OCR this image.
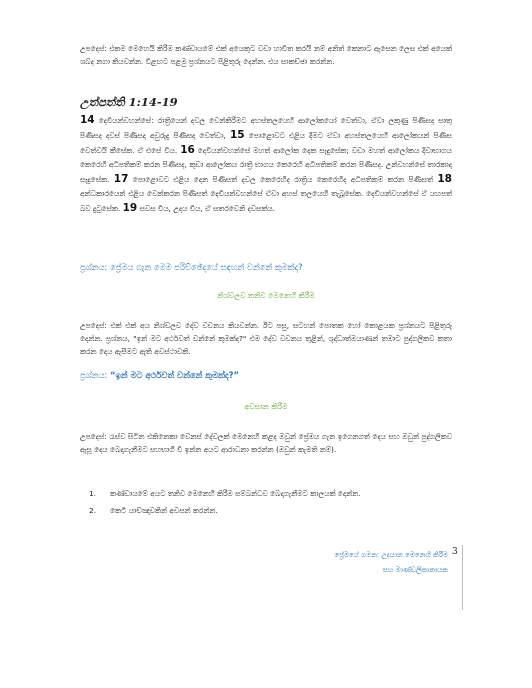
උපදෙස්: එකම මෙහෙයි කිරීම කණ්ඩායමේ එක් අයෙකුට වඩා හාවිත කරයි නම් අනිත් කෙනාට ඇසෙන ලෙස එක් අයෙක් ශබ්ද නගා කියවන්න. විළඟට පළමු ප්‍රශ්නයට පිළිතුරු දෙන්න. එය සාකච්ඡා කරන්න.

උත්පත්ති 1:14-19

14 දෙවියන්වහන්සේ: රාත්‍රියෙන් දවල වෙන්කිරීමට අහස්තලයෙහි ආලෝකයෝ වෙත්වා, ඒවා ලකුණු පිණිසද සෘතු පිණිසද දවස් පිණිසද අවුරුදු පිණිසද වෙත්වා, 15 පොළොවට එළිය දීමට ඒවා අහස්තලයෙහි ආලෝකයන් පිණිස වෙත්වයි කීසේක. ඒ එසේ විය. 16 දෙවියන්වහන්සේ මහත් ආලෝක දෙක සෑදුසේක; වඩා මහත් ආලෝකය දිවාභාගය කෙරෙහි අධිපතිකම් කරන පිණිසද, කුඩා ආලෝකය රාත්‍රි භාගය කෙරෙහි අධිපතිකම් කරන පිණිසද. උන්වහන්සේ තාරකාද සෑදුසේක. 17 පොළොවට එළිය දෙන පිණිසත් දවල කෙරෙහිද රාත්‍රිය කෙරෙහිද අධිපතිකම් කරන පිණිසත් 18 අන්ධකාරයෙන් එළිය වෙන්කරන පිණිසත් දෙවියන්වහන්සේ ඒවා අහස් තලයෙහි තැබූසේක. දෙවියන්වහන්සේ ඒ යහපත් බව දුටුසේක. 19 සවස විය, උදය විය, ඒ සතරවෙනි දවසක්ය.

ප්‍රශ්නය: ප්‍රේමය ගැන මෙම පරිච්ඡේදයේ සඳහන් වන්නේ කුමක්ද?

නිශ්චලව තනිව මෙනෙහි කිරීම

උපදෙස්: එක් එක් අය නිශ්චලව දේව වචනය කියවන්න. ඊට පසු, සටහන් පොතක හෝ කොළයක ප්‍රශ්නයට පිළිතුරු දෙන්න. ප්‍රශ්නය, "ඉන් මට අර්ථවත් වන්නේ කුමක්ද?" එම දේව වචනය තුළින්, ශුද්ධාත්මයාණන් තමාට පුද්ගලිකව කතා කරන දෙය ඇසීමට ඇති අවස්ථාවකි.

ප්‍රශ්නය: “ඉන් මට අර්ථවත් වන්නේ කුමක්ද?”

අවසාන කිරීම

උපදෙස්: රැස්ව සිටින එකිනෙකා වෙනස් දේවලක් මෙනෙහි කළද ඔවුන් ප්‍රේමය ගැන ඉගෙනගත් දෙය සහ ඔවුන් පුද්ගලිකව ඇසූ දෙය බෙදාගැනීමට සහභාගී වී ඉන්න අයට ආරාධනා කරන්න (ඔවුන් කැමති නම්).

1. කණ්ඩායමේ අයට තනිව මෙනෙහි කිරීම සම්බන්ධව බෙදාගැනීමට කාලයක් දෙන්න.
2. කෙටි යාච්ඤාවකින් අවසන් කරන්න.
ප්‍රේමයේ ගමන: උදයාන මෙනෙහි කිරීම
සහ මාණ්ඩලිකානායක
3
